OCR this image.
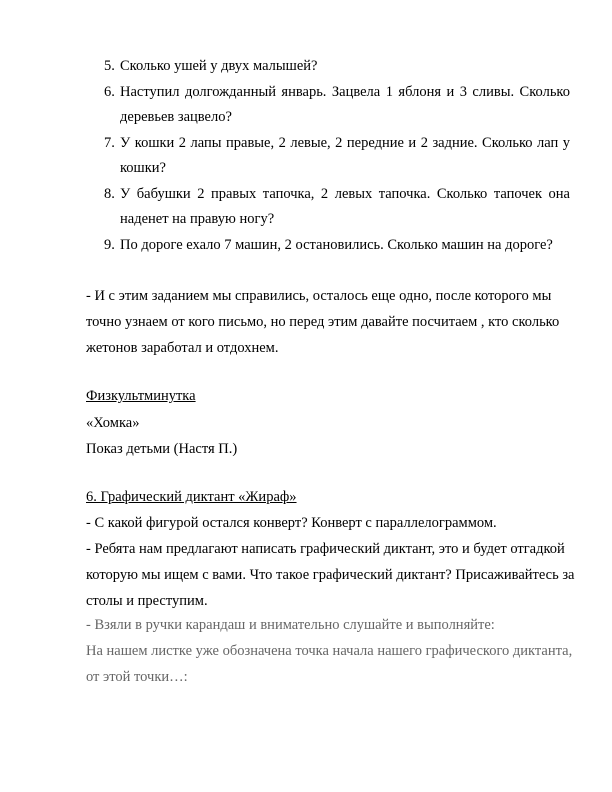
5. Сколько ушей у двух малышей?
6. Наступил долгожданный январь. Зацвела 1 яблоня и 3 сливы. Сколько деревьев зацвело?
7. У кошки 2 лапы правые, 2 левые, 2 передние и 2 задние. Сколько лап у кошки?
8. У бабушки 2 правых тапочка, 2 левых тапочка. Сколько тапочек она наденет на правую ногу?
9. По дороге ехало 7 машин, 2 остановились. Сколько машин на дороге?

- И с этим заданием мы справились, осталось еще одно, после которого мы точно узнаем от кого письмо, но перед этим давайте посчитаем , кто сколько жетонов заработал и отдохнем.

Физкультминутка

«Хомка»

Показ детьми (Настя П.)

6. Графический диктант «Жираф»

- С какой фигурой остался конверт? Конверт с параллелограммом.

- Ребята нам предлагают написать графический диктант, это и будет отгадкой которую мы ищем с вами. Что такое графический диктант? Присаживайтесь за столы и преступим.

- Взяли в ручки карандаш и внимательно слушайте и выполняйте:

На нашем листке уже обозначена точка начала нашего графического диктанта, от этой точки…:
